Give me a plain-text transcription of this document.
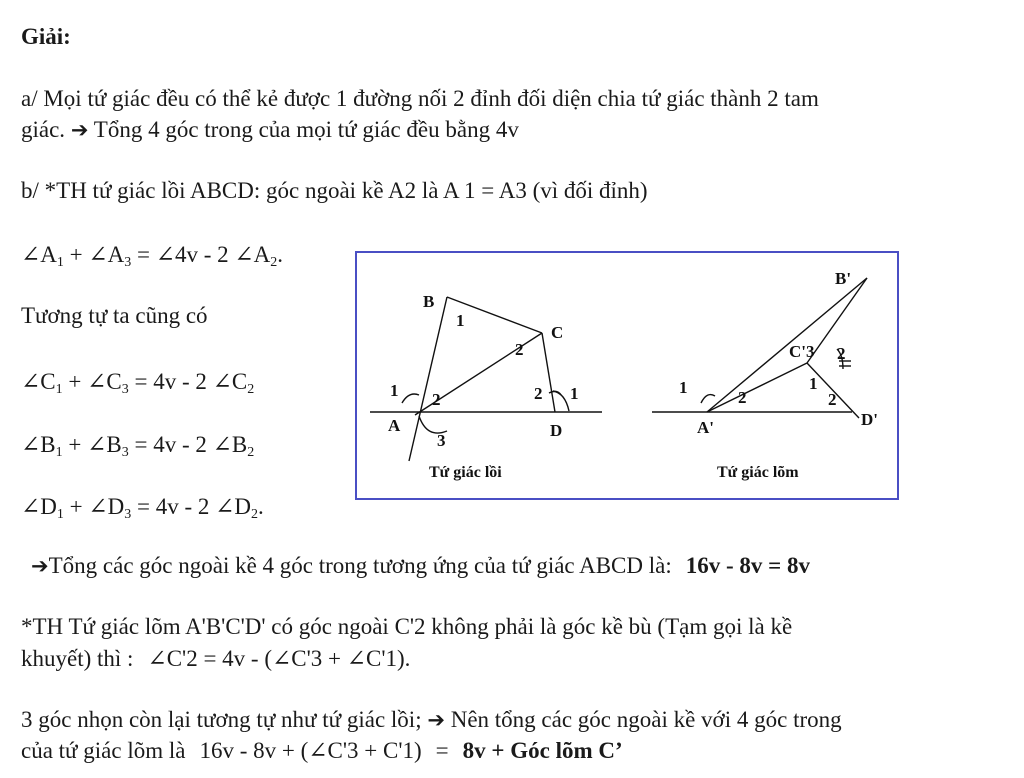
Giải:
a/ Mọi tứ giác đều có thể kẻ được 1 đường nối 2 đỉnh đối diện chia tứ giác thành 2 tam
giác. ➔ Tổng 4 góc trong của mọi tứ giác đều bằng 4v
b/ *TH tứ giác lồi ABCD: góc ngoài kề A2 là A 1 = A3 (vì đối đỉnh)
$\angle A_1$ + $\angle A_3$ = ∠4v - 2 $\angle A_2$.
Tương tự ta cũng có
$\angle C_1$ + $\angle C_3 = 4v - 2$ $\angle C_2$
$\angle B_1$ + $\angle B_3 = 4v - 2$ $\angle B_2$
$\angle D_1$ + $\angle D_3 = 4v - 2$ $\angle D_2$.
➔Tổng các góc ngoài kề 4 góc trong tương ứng của tứ giác ABCD là: 16v - 8v = 8v
*TH Tứ giác lõm A'B'C'D' có góc ngoài C'2 không phải là góc kề bù (Tạm gọi là kề
khuyết) thì : ∠C'2 = 4v - (∠C'3 + ∠C'1).
3 góc nhọn còn lại tương tự như tứ giác lồi; ➔ Nên tổng các góc ngoài kề với 4 góc trong
của tứ giác lõm là 16v - 8v + (∠C'3 + C'1) = 8v + Góc lõm C’
B
1
C
2
1 2
A
3
2 1
D
Tứ giác lồi
B'
C'3 2
1
1
2
A'
2
D'
Tứ giác lõm
